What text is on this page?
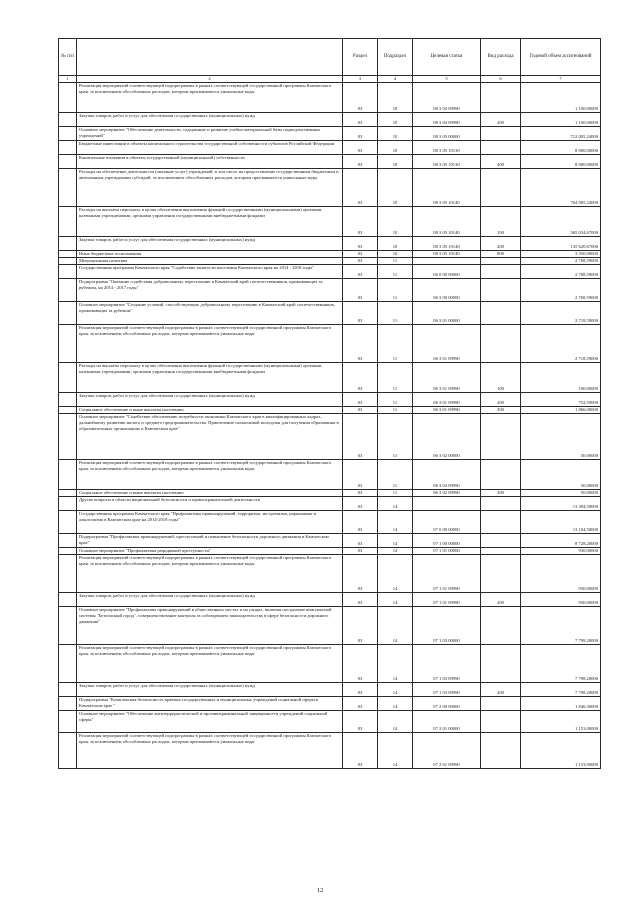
№ п/п		Раздел	Подраздел	Целевая статья	Вид расхода	Годовой объем ассигнований
1	2	3	4	5	6	7
	Реализация мероприятий соответствующей подпрограммы в рамках соответствующей государственной программы Камчатского края, за исключением обособленных расходов, которым присваиваются уникальные коды	03	10	08 3 04 09990		1 100,00000
	Закупка товаров, работ и услуг для обеспечения государственных (муниципальных) нужд	03	10	08 3 04 09990	200	1 100,00000
	Основное мероприятие "Обеспечение деятельности, содержание и развитие учебно-материальной базы подведомственных учреждений"	03	10	08 3 05 00000		712 005,24000
	Бюджетные инвестиции в объекты капитального строительства государственной собственности субъектов Российской Федерации	03	10	08 3 05 10130		8 000,00000
	Капитальные вложения в объекты государственной (муниципальной) собственности	03	10	08 3 05 10130	400	8 000,00000
	Расходы на обеспечение деятельности (оказание услуг) учреждений, в том числе на предоставление государственным бюджетным и автономным учреждениям субсидий, за исключением обособленных расходов, которым присваиваются уникальные коды	03	10	08 3 05 10140		704 005,24000
	Расходы на выплаты персоналу в целях обеспечения выполнения функций государственными (муниципальными) органами, казенными учреждениями, органами управления государственными внебюджетными фондами	03	10	08 3 05 10140	100	565 034,67000
	Закупка товаров, работ и услуг для обеспечения государственных (муниципальных) нужд	03	10	08 3 05 10140	200	135 620,67000
	Иные бюджетные ассигнования	03	10	08 3 05 10140	800	3 350,00000
	Миграционная политика	03	11			2 768,59000
	Государственная программа Камчатского края "Содействие занятости населения Камчатского края на 2014 - 2018 годы"	03	11	06 0 00 00000		2 768,59000
	Подпрограмма "Оказание содействия добровольному переселению в Камчатский край соотечественников, проживающих за рубежом, на 2014 - 2017 годы"	03	11	06 3 00 00000		2 768,59000
	Основное мероприятие "Создание условий, способствующих добровольному переселению в Камчатский край соотечественников, проживающих за рубежом"	03	11	06 3 01 00000		2 718,59000
	Реализация мероприятий соответствующей подпрограммы в рамках соответствующей государственной программы Камчатского края, за исключением обособленных расходов, которым присваиваются уникальные коды	03	11	06 3 01 09990		2 718,59000
	Расходы на выплаты персоналу в целях обеспечения выполнения функций государственными (муниципальными) органами, казенными учреждениями, органами управления государственными внебюджетными фондами	03	11	06 3 01 09990	100	100,00000
	Закупка товаров, работ и услуг для обеспечения государственных (муниципальных) нужд	03	11	06 3 01 09990	200	752,59000
	Социальное обеспечение и иные выплаты населению	03	11	06 3 01 09990	300	1 866,00000
	Основное мероприятие "Содействие обеспечению потребности экономики Камчатского края в квалифицированных кадрах, дальнейшему развитию малого и среднего предпринимательства. Привлечение талантливой молодежи для получения образования в образовательных организациях в Камчатском крае"	03	11	06 3 02 00000		50,00000
	Реализация мероприятий соответствующей подпрограммы в рамках соответствующей государственной программы Камчатского края, за исключением обособленных расходов, которым присваиваются уникальные коды	03	11	06 3 02 09990		50,00000
	Социальное обеспечение и иные выплаты населению	03	11	06 3 02 09990	300	50,00000
	Другие вопросы в области национальной безопасности и правоохранительной деятельности	03	14			13 394,50000
	Государственная программа Камчатского края "Профилактика правонарушений, терроризма, экстремизма, наркомании и алкоголизма в Камчатском крае на 2014-2018 годы"	03	14	07 0 00 00000		13 104,50000
	Подпрограмма "Профилактика правонарушений, преступлений и повышение безопасности дорожного движения в Камчатском крае"	03	14	07 1 00 00000		8 728,20000
	Основное мероприятие "Профилактика рецидивной преступности"	03	14	07 1 01 00000		930,00000
	Реализация мероприятий соответствующей подпрограммы в рамках соответствующей государственной программы Камчатского края, за исключением обособленных расходов, которым присваиваются уникальные коды	03	14	07 1 01 09990		930,00000
	Закупка товаров, работ и услуг для обеспечения государственных (муниципальных) нужд	03	14	07 1 01 09990	200	930,00000
	Основное мероприятие "Профилактика правонарушений в общественных местах и на улицах, включая построение комплексной системы "Безопасный город", совершенствование контроля за соблюдением законодательства в сфере безопасности дорожного движения"	03	14	07 1 03 00000		7 798,20000
	Реализация мероприятий соответствующей подпрограммы в рамках соответствующей государственной программы Камчатского края, за исключением обособленных расходов, которым присваиваются уникальные коды	03	14	07 1 03 09990		7 798,20000
	Закупка товаров, работ и услуг для обеспечения государственных (муниципальных) нужд	03	14	07 1 03 09990	200	7 798,20000
	Подпрограмма "Комплексная безопасность краевых государственных и муниципальных учреждений социальной сферы в Камчатском крае "	03	14	07 2 00 00000		1 846,30000
	Основное мероприятие "Обеспечение антитеррористической и противокриминальной защищенности учреждений социальной сферы"	03	14	07 2 01 00000		1 153,00000
	Реализация мероприятий соответствующей подпрограммы в рамках соответствующей государственной программы Камчатского края, за исключением обособленных расходов, которым присваиваются уникальные коды	03	14	07 2 01 09990		1 153,00000
12
